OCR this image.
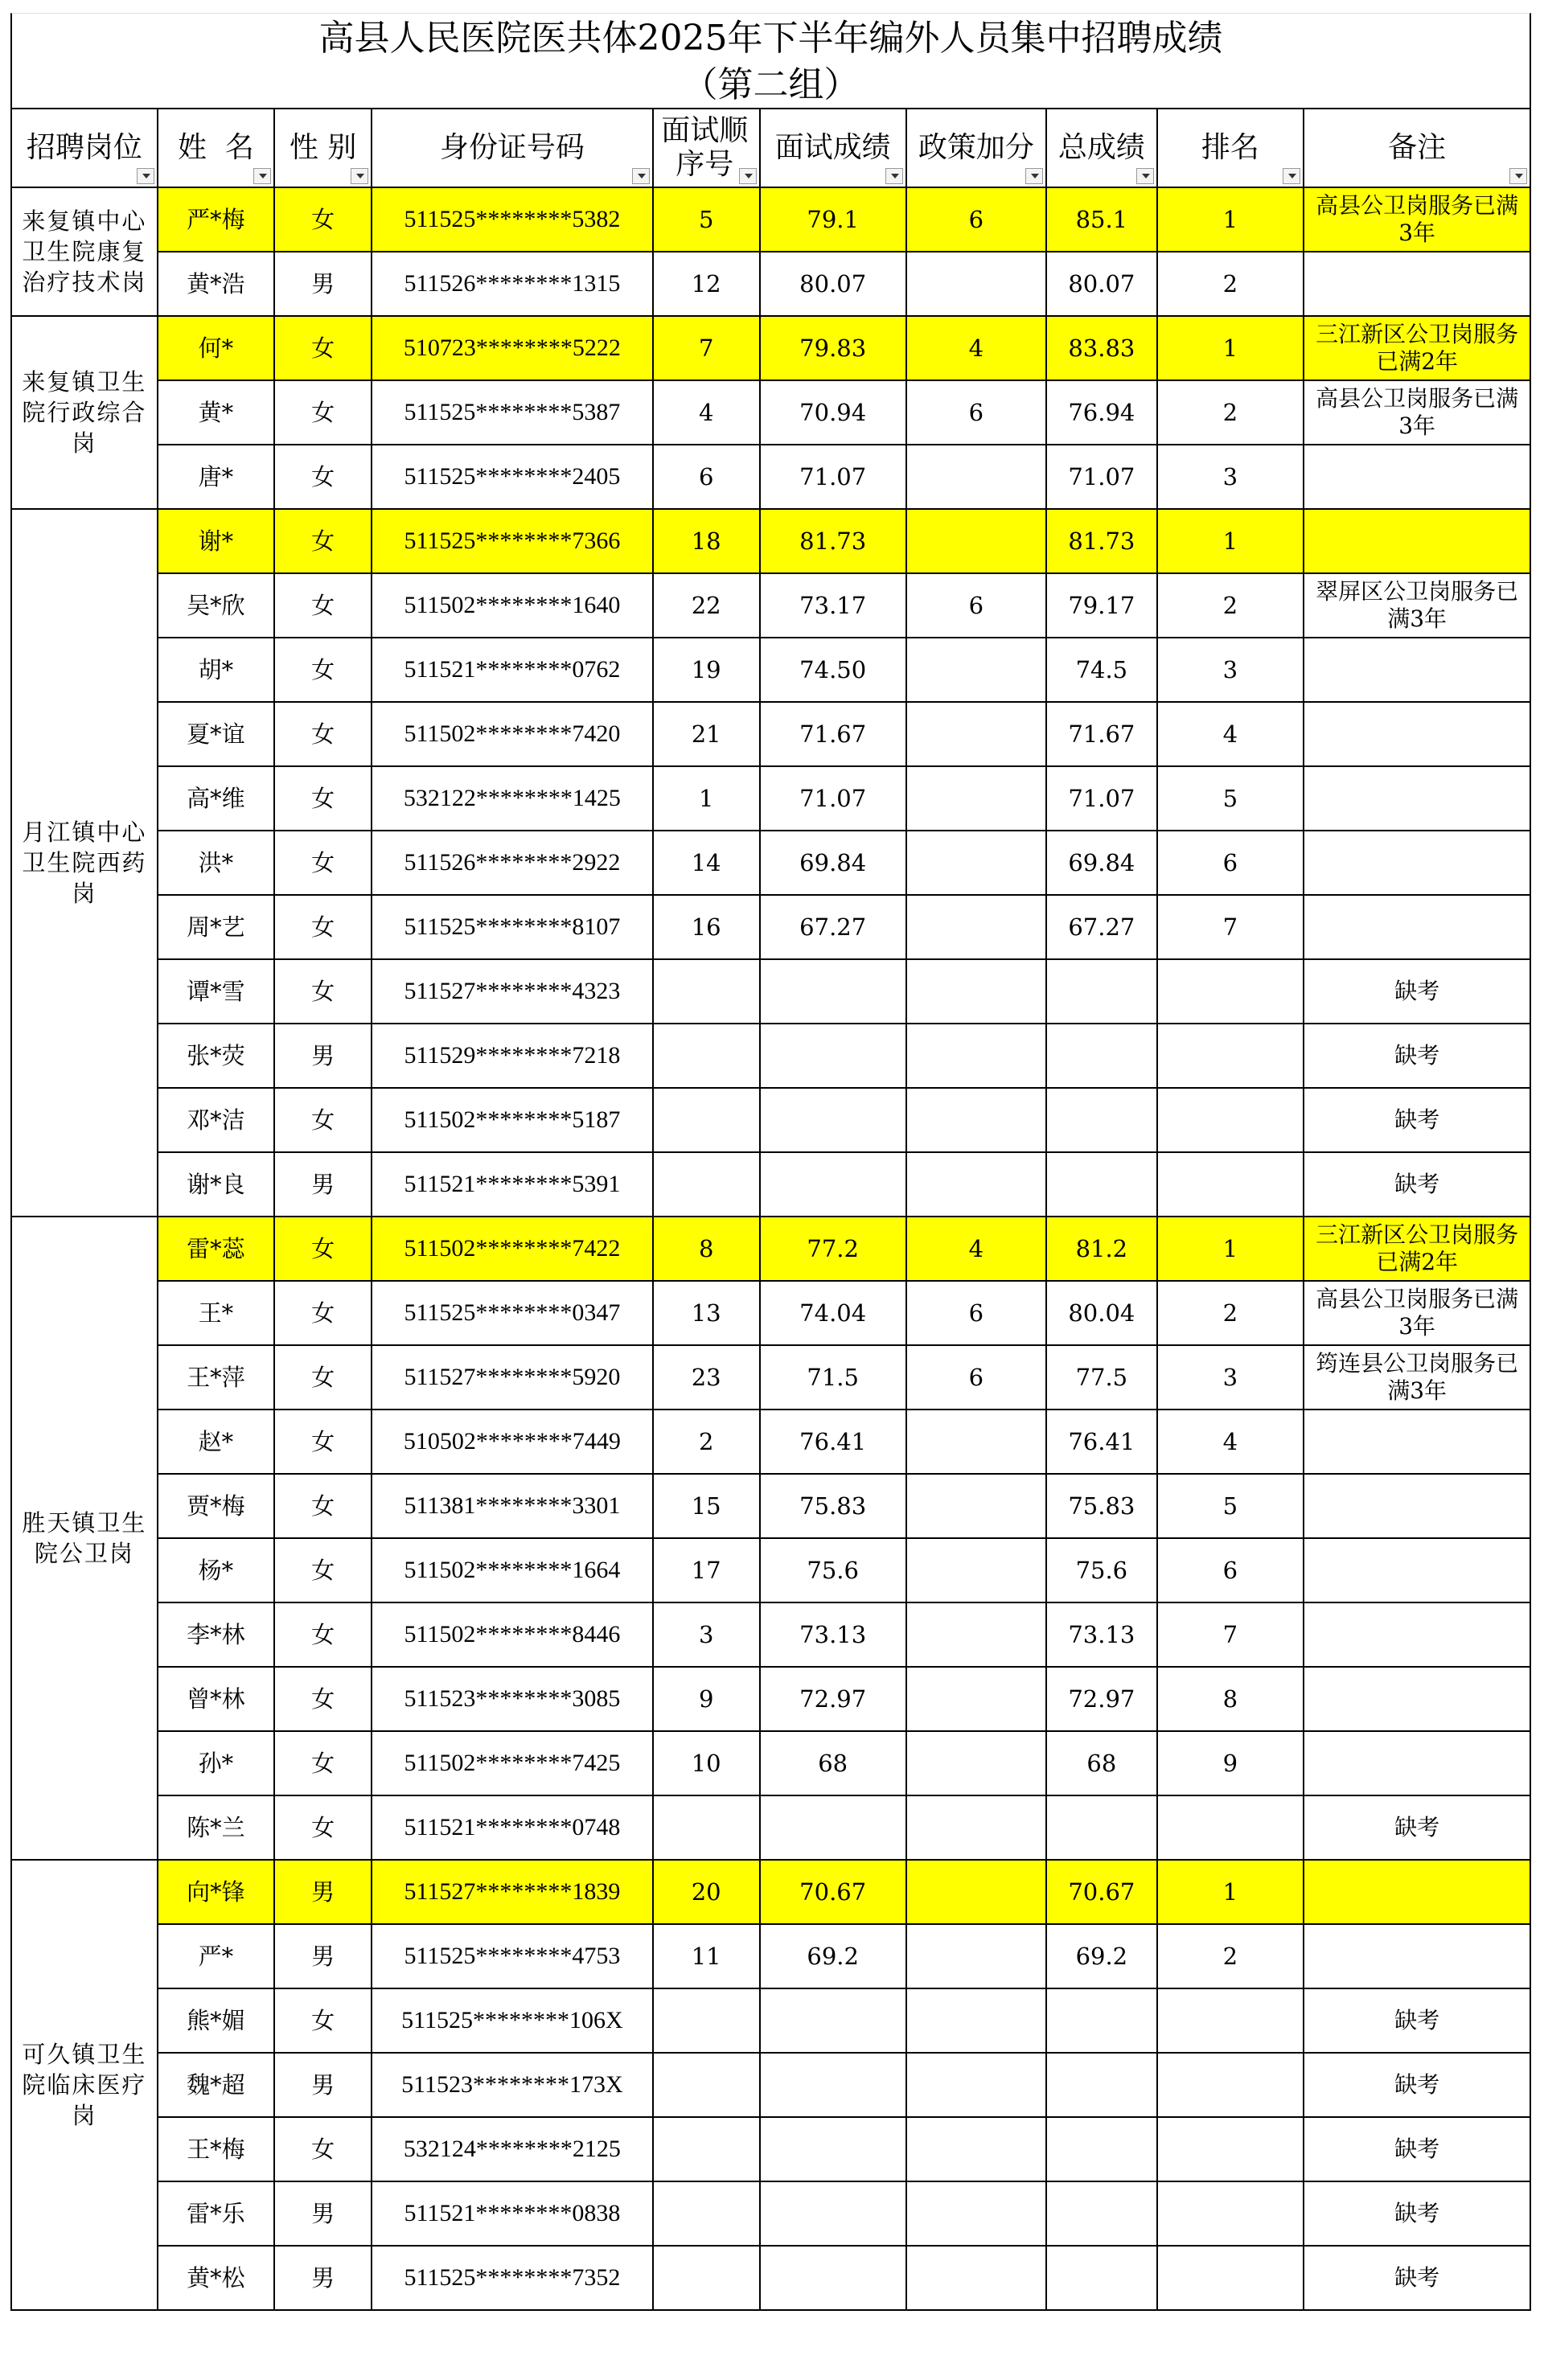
高县人民医院医共体2025年下半年编外人员集中招聘成绩
（第二组）
招聘岗位	姓  名	性 别	身份证号码	面试顺序号	面试成绩	政策加分	总成绩	排名	备注

来复镇中心卫生院康复治疗技术岗	严*梅	女	511525********5382	5	79.1	6	85.1	1	高县公卫岗服务已满3年
	黄*浩	男	511526********1315	12	80.07		80.07	2	
来复镇卫生院行政综合岗	何*	女	510723********5222	7	79.83	4	83.83	1	三江新区公卫岗服务已满2年
	黄*	女	511525********5387	4	70.94	6	76.94	2	高县公卫岗服务已满3年
	唐*	女	511525********2405	6	71.07		71.07	3	
月江镇中心卫生院西药岗	谢*	女	511525********7366	18	81.73		81.73	1	
	吴*欣	女	511502********1640	22	73.17	6	79.17	2	翠屏区公卫岗服务已满3年
	胡*	女	511521********0762	19	74.50		74.5	3	
	夏*谊	女	511502********7420	21	71.67		71.67	4	
	高*维	女	532122********1425	1	71.07		71.07	5	
	洪*	女	511526********2922	14	69.84		69.84	6	
	周*艺	女	511525********8107	16	67.27		67.27	7	
	谭*雪	女	511527********4323						缺考
	张*荧	男	511529********7218						缺考
	邓*洁	女	511502********5187						缺考
	谢*良	男	511521********5391						缺考
胜天镇卫生院公卫岗	雷*蕊	女	511502********7422	8	77.2	4	81.2	1	三江新区公卫岗服务已满2年
	王*	女	511525********0347	13	74.04	6	80.04	2	高县公卫岗服务已满3年
	王*萍	女	511527********5920	23	71.5	6	77.5	3	筠连县公卫岗服务已满3年
	赵*	女	510502********7449	2	76.41		76.41	4	
	贾*梅	女	511381********3301	15	75.83		75.83	5	
	杨*	女	511502********1664	17	75.6		75.6	6	
	李*林	女	511502********8446	3	73.13		73.13	7	
	曾*林	女	511523********3085	9	72.97		72.97	8	
	孙*	女	511502********7425	10	68		68	9	
	陈*兰	女	511521********0748						缺考
可久镇卫生院临床医疗岗	向*锋	男	511527********1839	20	70.67		70.67	1	
	严*	男	511525********4753	11	69.2		69.2	2	
	熊*媚	女	511525********106X						缺考
	魏*超	男	511523********173X						缺考
	王*梅	女	532124********2125						缺考
	雷*乐	男	511521********0838						缺考
	黄*松	男	511525********7352						缺考
